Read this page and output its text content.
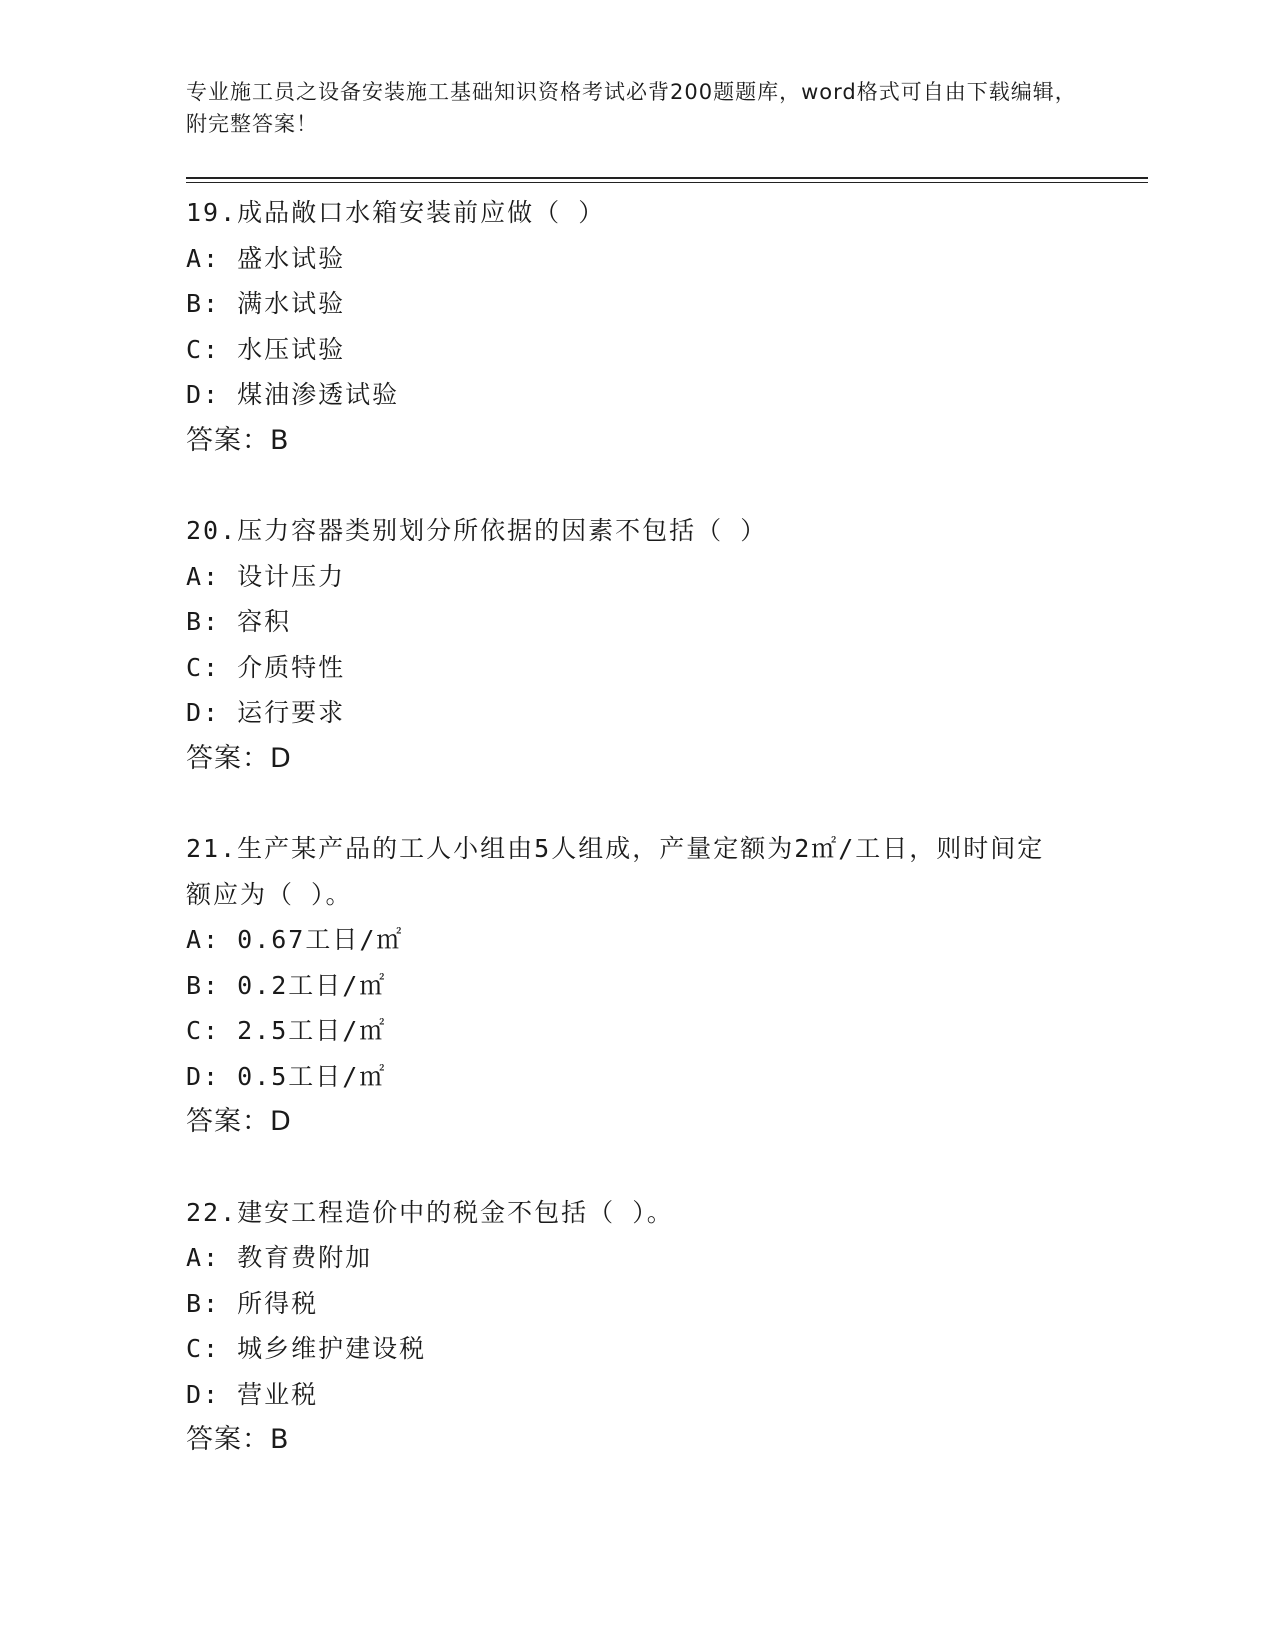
专业施工员之设备安装施工基础知识资格考试必背200题题库，word格式可自由下载编辑，附完整答案！
19.成品敞口水箱安装前应做（ ）
A: 盛水试验
B: 满水试验
C: 水压试验
D: 煤油渗透试验
答案：B
20.压力容器类别划分所依据的因素不包括（ ）
A: 设计压力
B: 容积
C: 介质特性
D: 运行要求
答案：D
21.生产某产品的工人小组由5人组成，产量定额为2㎡/工日，则时间定额应为（ ）。
A: 0.67工日/㎡
B: 0.2工日/㎡
C: 2.5工日/㎡
D: 0.5工日/㎡
答案：D
22.建安工程造价中的税金不包括（ ）。
A: 教育费附加
B: 所得税
C: 城乡维护建设税
D: 营业税
答案：B
